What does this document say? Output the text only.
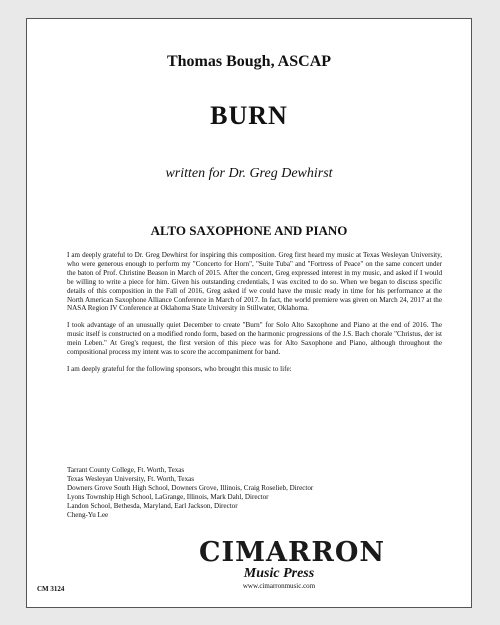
Thomas Bough, ASCAP
BURN
written for Dr. Greg Dewhirst
ALTO SAXOPHONE AND PIANO

I am deeply grateful to Dr. Greg Dewhirst for inspiring this composition. Greg first heard my music at Texas Wesleyan University, who were generous enough to perform my "Concerto for Horn", "Suite Tuba" and "Fortress of Peace" on the same concert under the baton of Prof. Christine Beason in March of 2015. After the concert, Greg expressed interest in my music, and asked if I would be willing to write a piece for him. Given his outstanding credentials, I was excited to do so. When we began to discuss specific details of this composition in the Fall of 2016, Greg asked if we could have the music ready in time for his performance at the North American Saxophone Alliance Conference in March of 2017. In fact, the world premiere was given on March 24, 2017 at the NASA Region IV Conference at Oklahoma State University in Stillwater, Oklahoma.

I took advantage of an unusually quiet December to create "Burn" for Solo Alto Saxophone and Piano at the end of 2016. The music itself is constructed on a modified rondo form, based on the harmonic progressions of the J.S. Bach chorale "Christus, der ist mein Leben." At Greg's request, the first version of this piece was for Alto Saxophone and Piano, although throughout the compositional process my intent was to score the accompaniment for band.

I am deeply grateful for the following sponsors, who brought this music to life:

Tarrant County College, Ft. Worth, Texas
Texas Wesleyan University, Ft. Worth, Texas
Downers Grove South High School, Downers Grove, Illinois, Craig Roselieb, Director
Lyons Township High School, LaGrange, Illinois, Mark Dahl, Director
Landon School, Bethesda, Maryland, Earl Jackson, Director
Cheng-Yu Lee
CIMARRON
Music Press
www.cimarronmusic.com
CM 3124
